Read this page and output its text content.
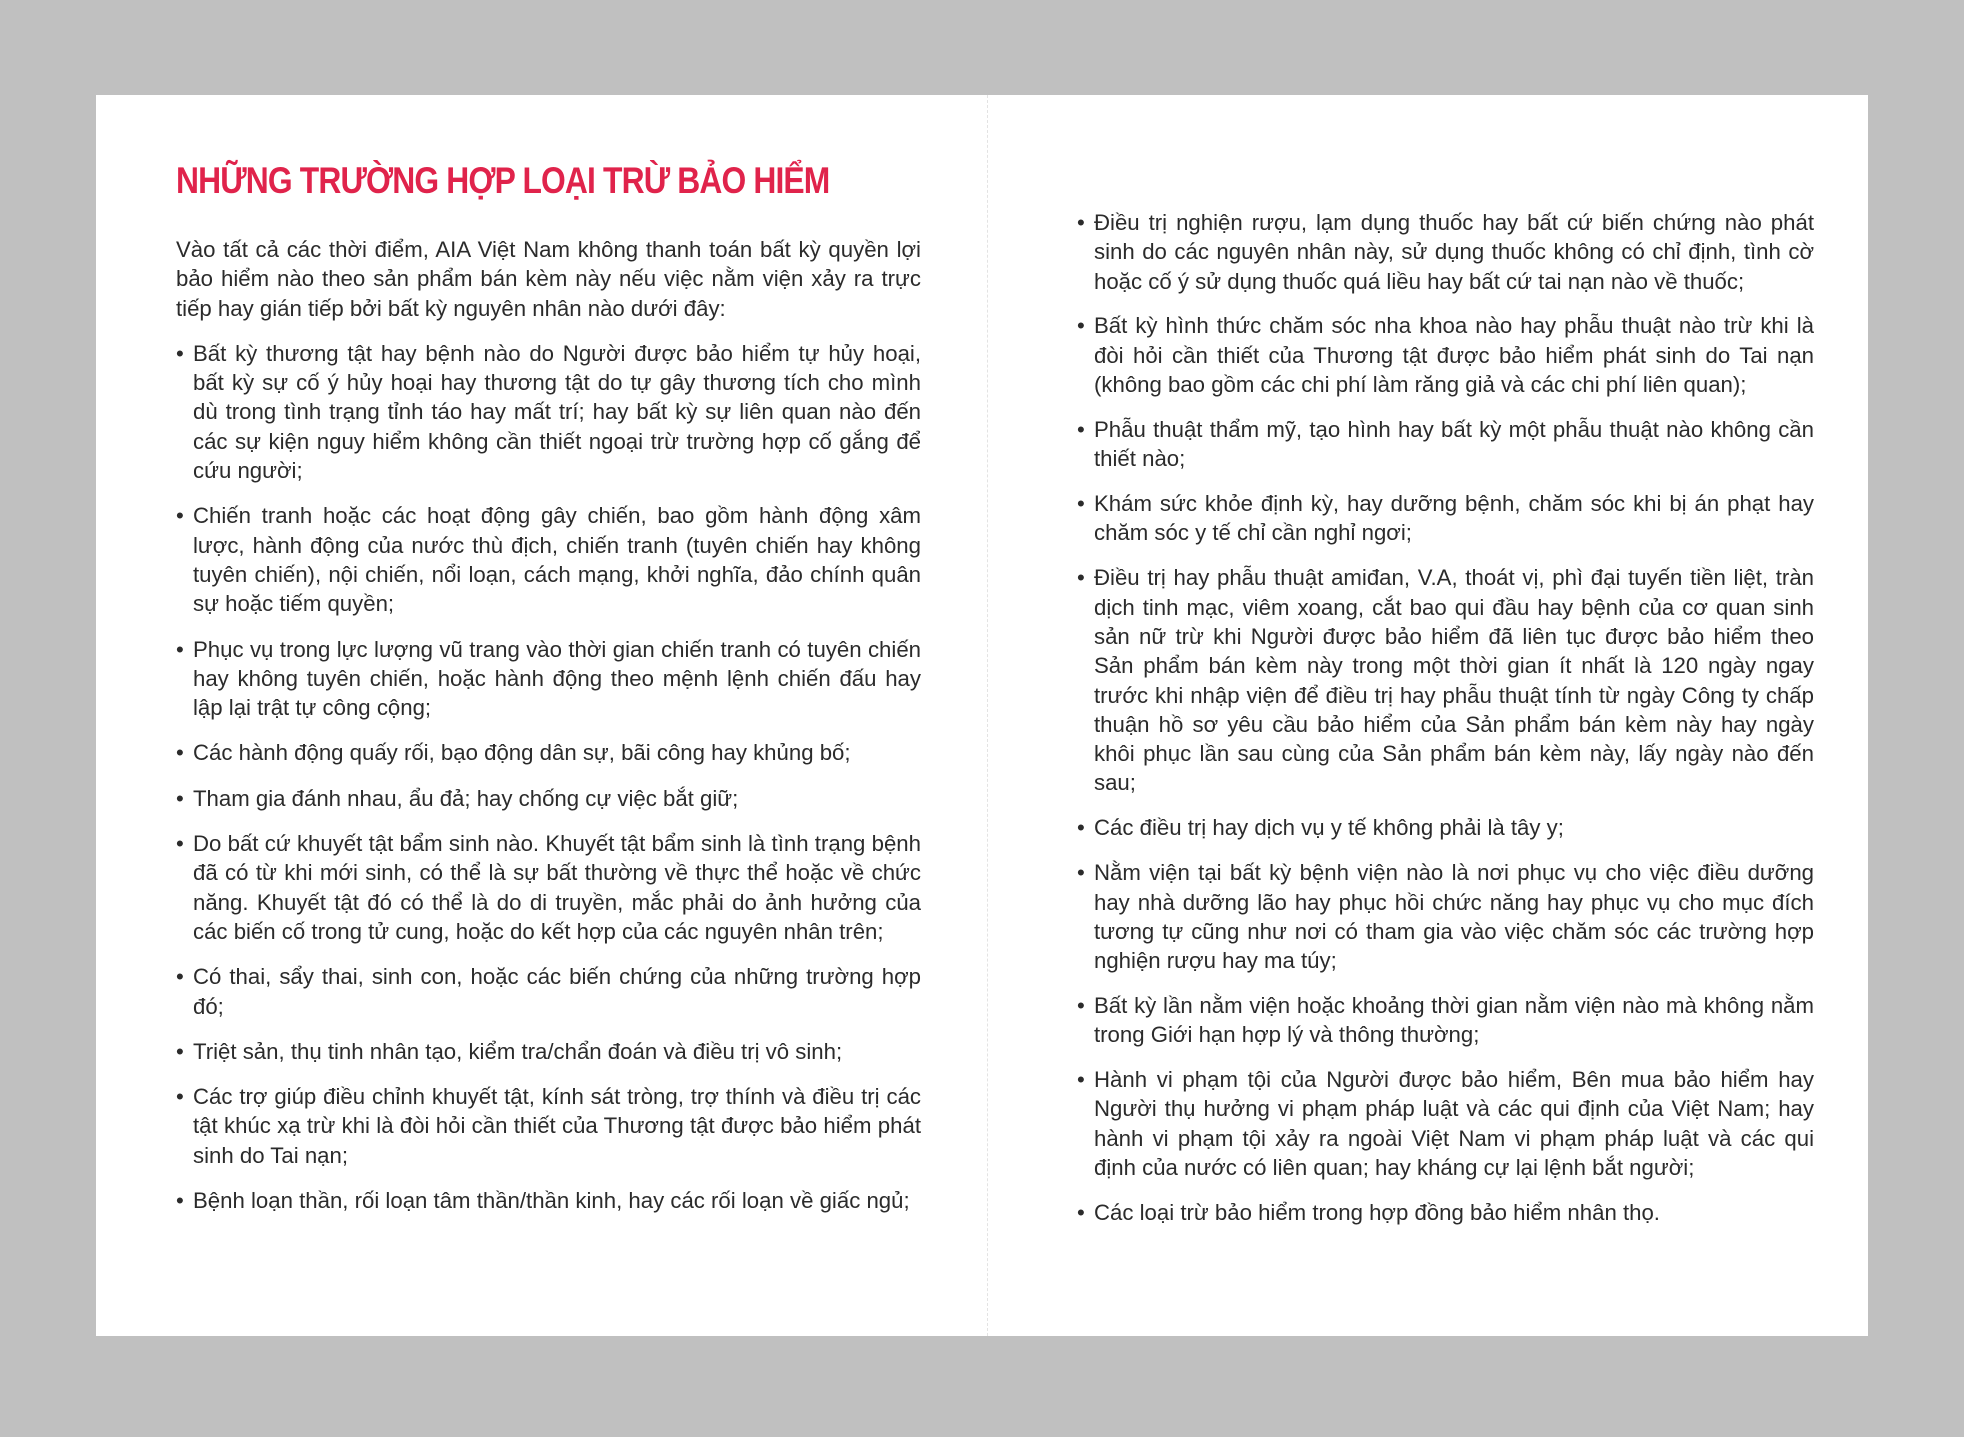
NHỮNG TRƯỜNG HỢP LOẠI TRỪ BẢO HIỂM

Vào tất cả các thời điểm, AIA Việt Nam không thanh toán bất kỳ quyền lợi bảo hiểm nào theo sản phẩm bán kèm này nếu việc nằm viện xảy ra trực tiếp hay gián tiếp bởi bất kỳ nguyên nhân nào dưới đây:

• Bất kỳ thương tật hay bệnh nào do Người được bảo hiểm tự hủy hoại, bất kỳ sự cố ý hủy hoại hay thương tật do tự gây thương tích cho mình dù trong tình trạng tỉnh táo hay mất trí; hay bất kỳ sự liên quan nào đến các sự kiện nguy hiểm không cần thiết ngoại trừ trường hợp cố gắng để cứu người;
• Chiến tranh hoặc các hoạt động gây chiến, bao gồm hành động xâm lược, hành động của nước thù địch, chiến tranh (tuyên chiến hay không tuyên chiến), nội chiến, nổi loạn, cách mạng, khởi nghĩa, đảo chính quân sự hoặc tiếm quyền;
• Phục vụ trong lực lượng vũ trang vào thời gian chiến tranh có tuyên chiến hay không tuyên chiến, hoặc hành động theo mệnh lệnh chiến đấu hay lập lại trật tự công cộng;
• Các hành động quấy rối, bạo động dân sự, bãi công hay khủng bố;
• Tham gia đánh nhau, ẩu đả; hay chống cự việc bắt giữ;
• Do bất cứ khuyết tật bẩm sinh nào. Khuyết tật bẩm sinh là tình trạng bệnh đã có từ khi mới sinh, có thể là sự bất thường về thực thể hoặc về chức năng. Khuyết tật đó có thể là do di truyền, mắc phải do ảnh hưởng của các biến cố trong tử cung, hoặc do kết hợp của các nguyên nhân trên;
• Có thai, sẩy thai, sinh con, hoặc các biến chứng của những trường hợp đó;
• Triệt sản, thụ tinh nhân tạo, kiểm tra/chẩn đoán và điều trị vô sinh;
• Các trợ giúp điều chỉnh khuyết tật, kính sát tròng, trợ thính và điều trị các tật khúc xạ trừ khi là đòi hỏi cần thiết của Thương tật được bảo hiểm phát sinh do Tai nạn;
• Bệnh loạn thần, rối loạn tâm thần/thần kinh, hay các rối loạn về giấc ngủ;
• Điều trị nghiện rượu, lạm dụng thuốc hay bất cứ biến chứng nào phát sinh do các nguyên nhân này, sử dụng thuốc không có chỉ định, tình cờ hoặc cố ý sử dụng thuốc quá liều hay bất cứ tai nạn nào về thuốc;
• Bất kỳ hình thức chăm sóc nha khoa nào hay phẫu thuật nào trừ khi là đòi hỏi cần thiết của Thương tật được bảo hiểm phát sinh do Tai nạn (không bao gồm các chi phí làm răng giả và các chi phí liên quan);
• Phẫu thuật thẩm mỹ, tạo hình hay bất kỳ một phẫu thuật nào không cần thiết nào;
• Khám sức khỏe định kỳ, hay dưỡng bệnh, chăm sóc khi bị án phạt hay chăm sóc y tế chỉ cần nghỉ ngơi;
• Điều trị hay phẫu thuật amiđan, V.A, thoát vị, phì đại tuyến tiền liệt, tràn dịch tinh mạc, viêm xoang, cắt bao qui đầu hay bệnh của cơ quan sinh sản nữ trừ khi Người được bảo hiểm đã liên tục được bảo hiểm theo Sản phẩm bán kèm này trong một thời gian ít nhất là 120 ngày ngay trước khi nhập viện để điều trị hay phẫu thuật tính từ ngày Công ty chấp thuận hồ sơ yêu cầu bảo hiểm của Sản phẩm bán kèm này hay ngày khôi phục lần sau cùng của Sản phẩm bán kèm này, lấy ngày nào đến sau;
• Các điều trị hay dịch vụ y tế không phải là tây y;
• Nằm viện tại bất kỳ bệnh viện nào là nơi phục vụ cho việc điều dưỡng hay nhà dưỡng lão hay phục hồi chức năng hay phục vụ cho mục đích tương tự cũng như nơi có tham gia vào việc chăm sóc các trường hợp nghiện rượu hay ma túy;
• Bất kỳ lần nằm viện hoặc khoảng thời gian nằm viện nào mà không nằm trong Giới hạn hợp lý và thông thường;
• Hành vi phạm tội của Người được bảo hiểm, Bên mua bảo hiểm hay Người thụ hưởng vi phạm pháp luật và các qui định của Việt Nam; hay hành vi phạm tội xảy ra ngoài Việt Nam vi phạm pháp luật và các qui định của nước có liên quan; hay kháng cự lại lệnh bắt người;
• Các loại trừ bảo hiểm trong hợp đồng bảo hiểm nhân thọ.
